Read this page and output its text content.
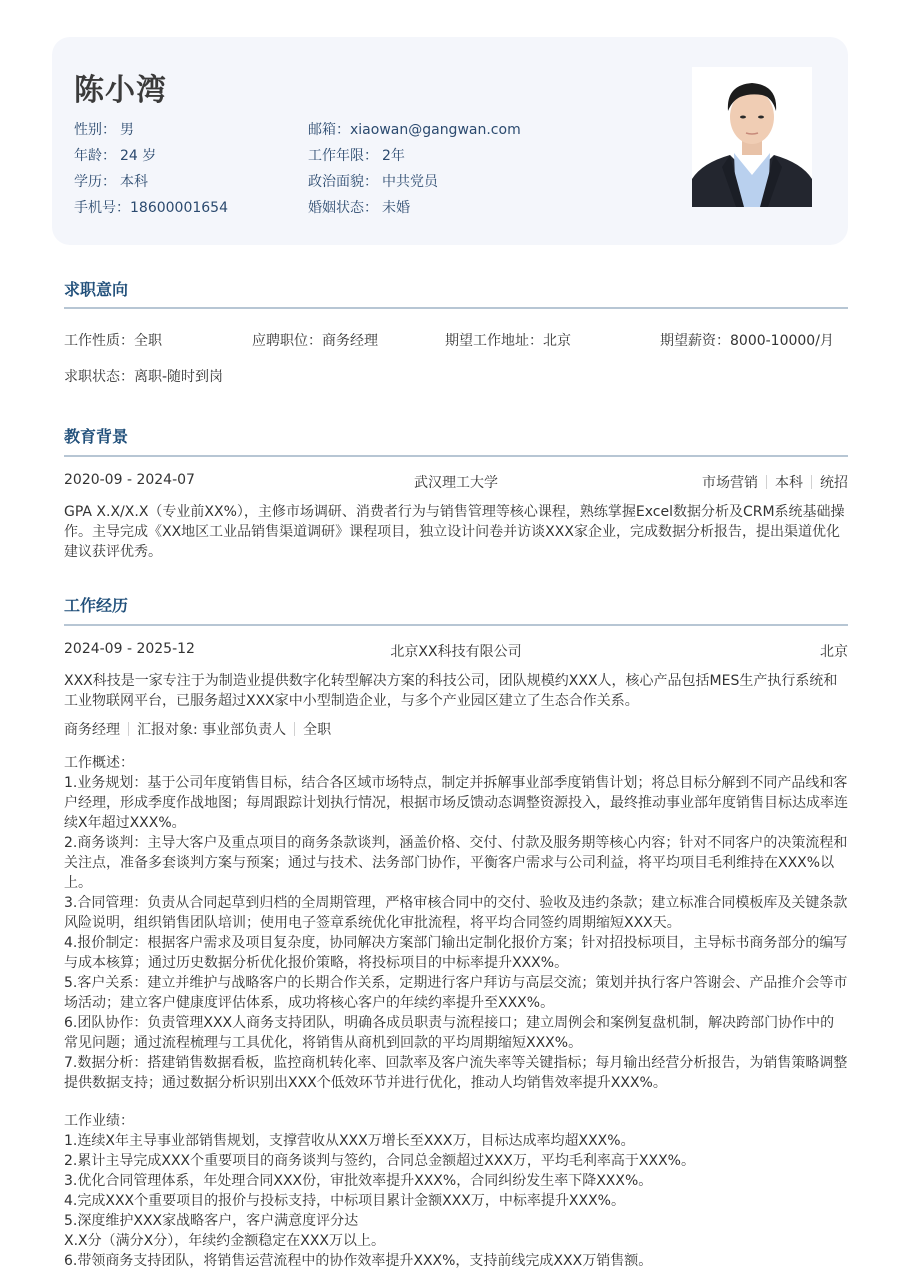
陈小湾
性别： 男
年龄： 24 岁
学历： 本科
手机号：18600001654
邮箱：xiaowan@gangwan.com
工作年限： 2年
政治面貌： 中共党员
婚姻状态： 未婚
求职意向
工作性质：全职	应聘职位：商务经理	期望工作地址：北京	期望薪资：8000-10000/月
求职状态：离职-随时到岗
教育背景
2020-09 - 2024-07	武汉理工大学	市场营销 本科 统招

GPA X.X/X.X（专业前XX%），主修市场调研、消费者行为与销售管理等核心课程，熟练掌握Excel数据分析及CRM系统基础操作。主导完成《XX地区工业品销售渠道调研》课程项目，独立设计问卷并访谈XXX家企业，完成数据分析报告，提出渠道优化建议获评优秀。

工作经历
2024-09 - 2025-12	北京XX科技有限公司	北京

XXX科技是一家专注于为制造业提供数字化转型解决方案的科技公司，团队规模约XXX人，核心产品包括MES生产执行系统和工业物联网平台，已服务超过XXX家中小型制造企业，与多个产业园区建立了生态合作关系。

商务经理 汇报对象: 事业部负责人 全职

工作概述：

1.业务规划：基于公司年度销售目标，结合各区域市场特点，制定并拆解事业部季度销售计划；将总目标分解到不同产品线和客户经理，形成季度作战地图；每周跟踪计划执行情况，根据市场反馈动态调整资源投入，最终推动事业部年度销售目标达成率连续X年超过XXX%。

2.商务谈判：主导大客户及重点项目的商务条款谈判，涵盖价格、交付、付款及服务期等核心内容；针对不同客户的决策流程和关注点，准备多套谈判方案与预案；通过与技术、法务部门协作，平衡客户需求与公司利益，将平均项目毛利维持在XXX%以上。

3.合同管理：负责从合同起草到归档的全周期管理，严格审核合同中的交付、验收及违约条款；建立标准合同模板库及关键条款风险说明，组织销售团队培训；使用电子签章系统优化审批流程，将平均合同签约周期缩短XXX天。

4.报价制定：根据客户需求及项目复杂度，协同解决方案部门输出定制化报价方案；针对招投标项目，主导标书商务部分的编写与成本核算；通过历史数据分析优化报价策略，将投标项目的中标率提升XXX%。

5.客户关系：建立并维护与战略客户的长期合作关系，定期进行客户拜访与高层交流；策划并执行客户答谢会、产品推介会等市场活动；建立客户健康度评估体系，成功将核心客户的年续约率提升至XXX%。

6.团队协作：负责管理XXX人商务支持团队，明确各成员职责与流程接口；建立周例会和案例复盘机制，解决跨部门协作中的常见问题；通过流程梳理与工具优化，将销售从商机到回款的平均周期缩短XXX%。

7.数据分析：搭建销售数据看板，监控商机转化率、回款率及客户流失率等关键指标；每月输出经营分析报告，为销售策略调整提供数据支持；通过数据分析识别出XXX个低效环节并进行优化，推动人均销售效率提升XXX%。

工作业绩：

1.连续X年主导事业部销售规划，支撑营收从XXX万增长至XXX万，目标达成率均超XXX%。

2.累计主导完成XXX个重要项目的商务谈判与签约，合同总金额超过XXX万，平均毛利率高于XXX%。

3.优化合同管理体系，年处理合同XXX份，审批效率提升XXX%，合同纠纷发生率下降XXX%。

4.完成XXX个重要项目的报价与投标支持，中标项目累计金额XXX万，中标率提升XXX%。

5.深度维护XXX家战略客户，客户满意度评分达

X.X分（满分X分），年续约金额稳定在XXX万以上。

6.带领商务支持团队，将销售运营流程中的协作效率提升XXX%，支持前线完成XXX万销售额。
